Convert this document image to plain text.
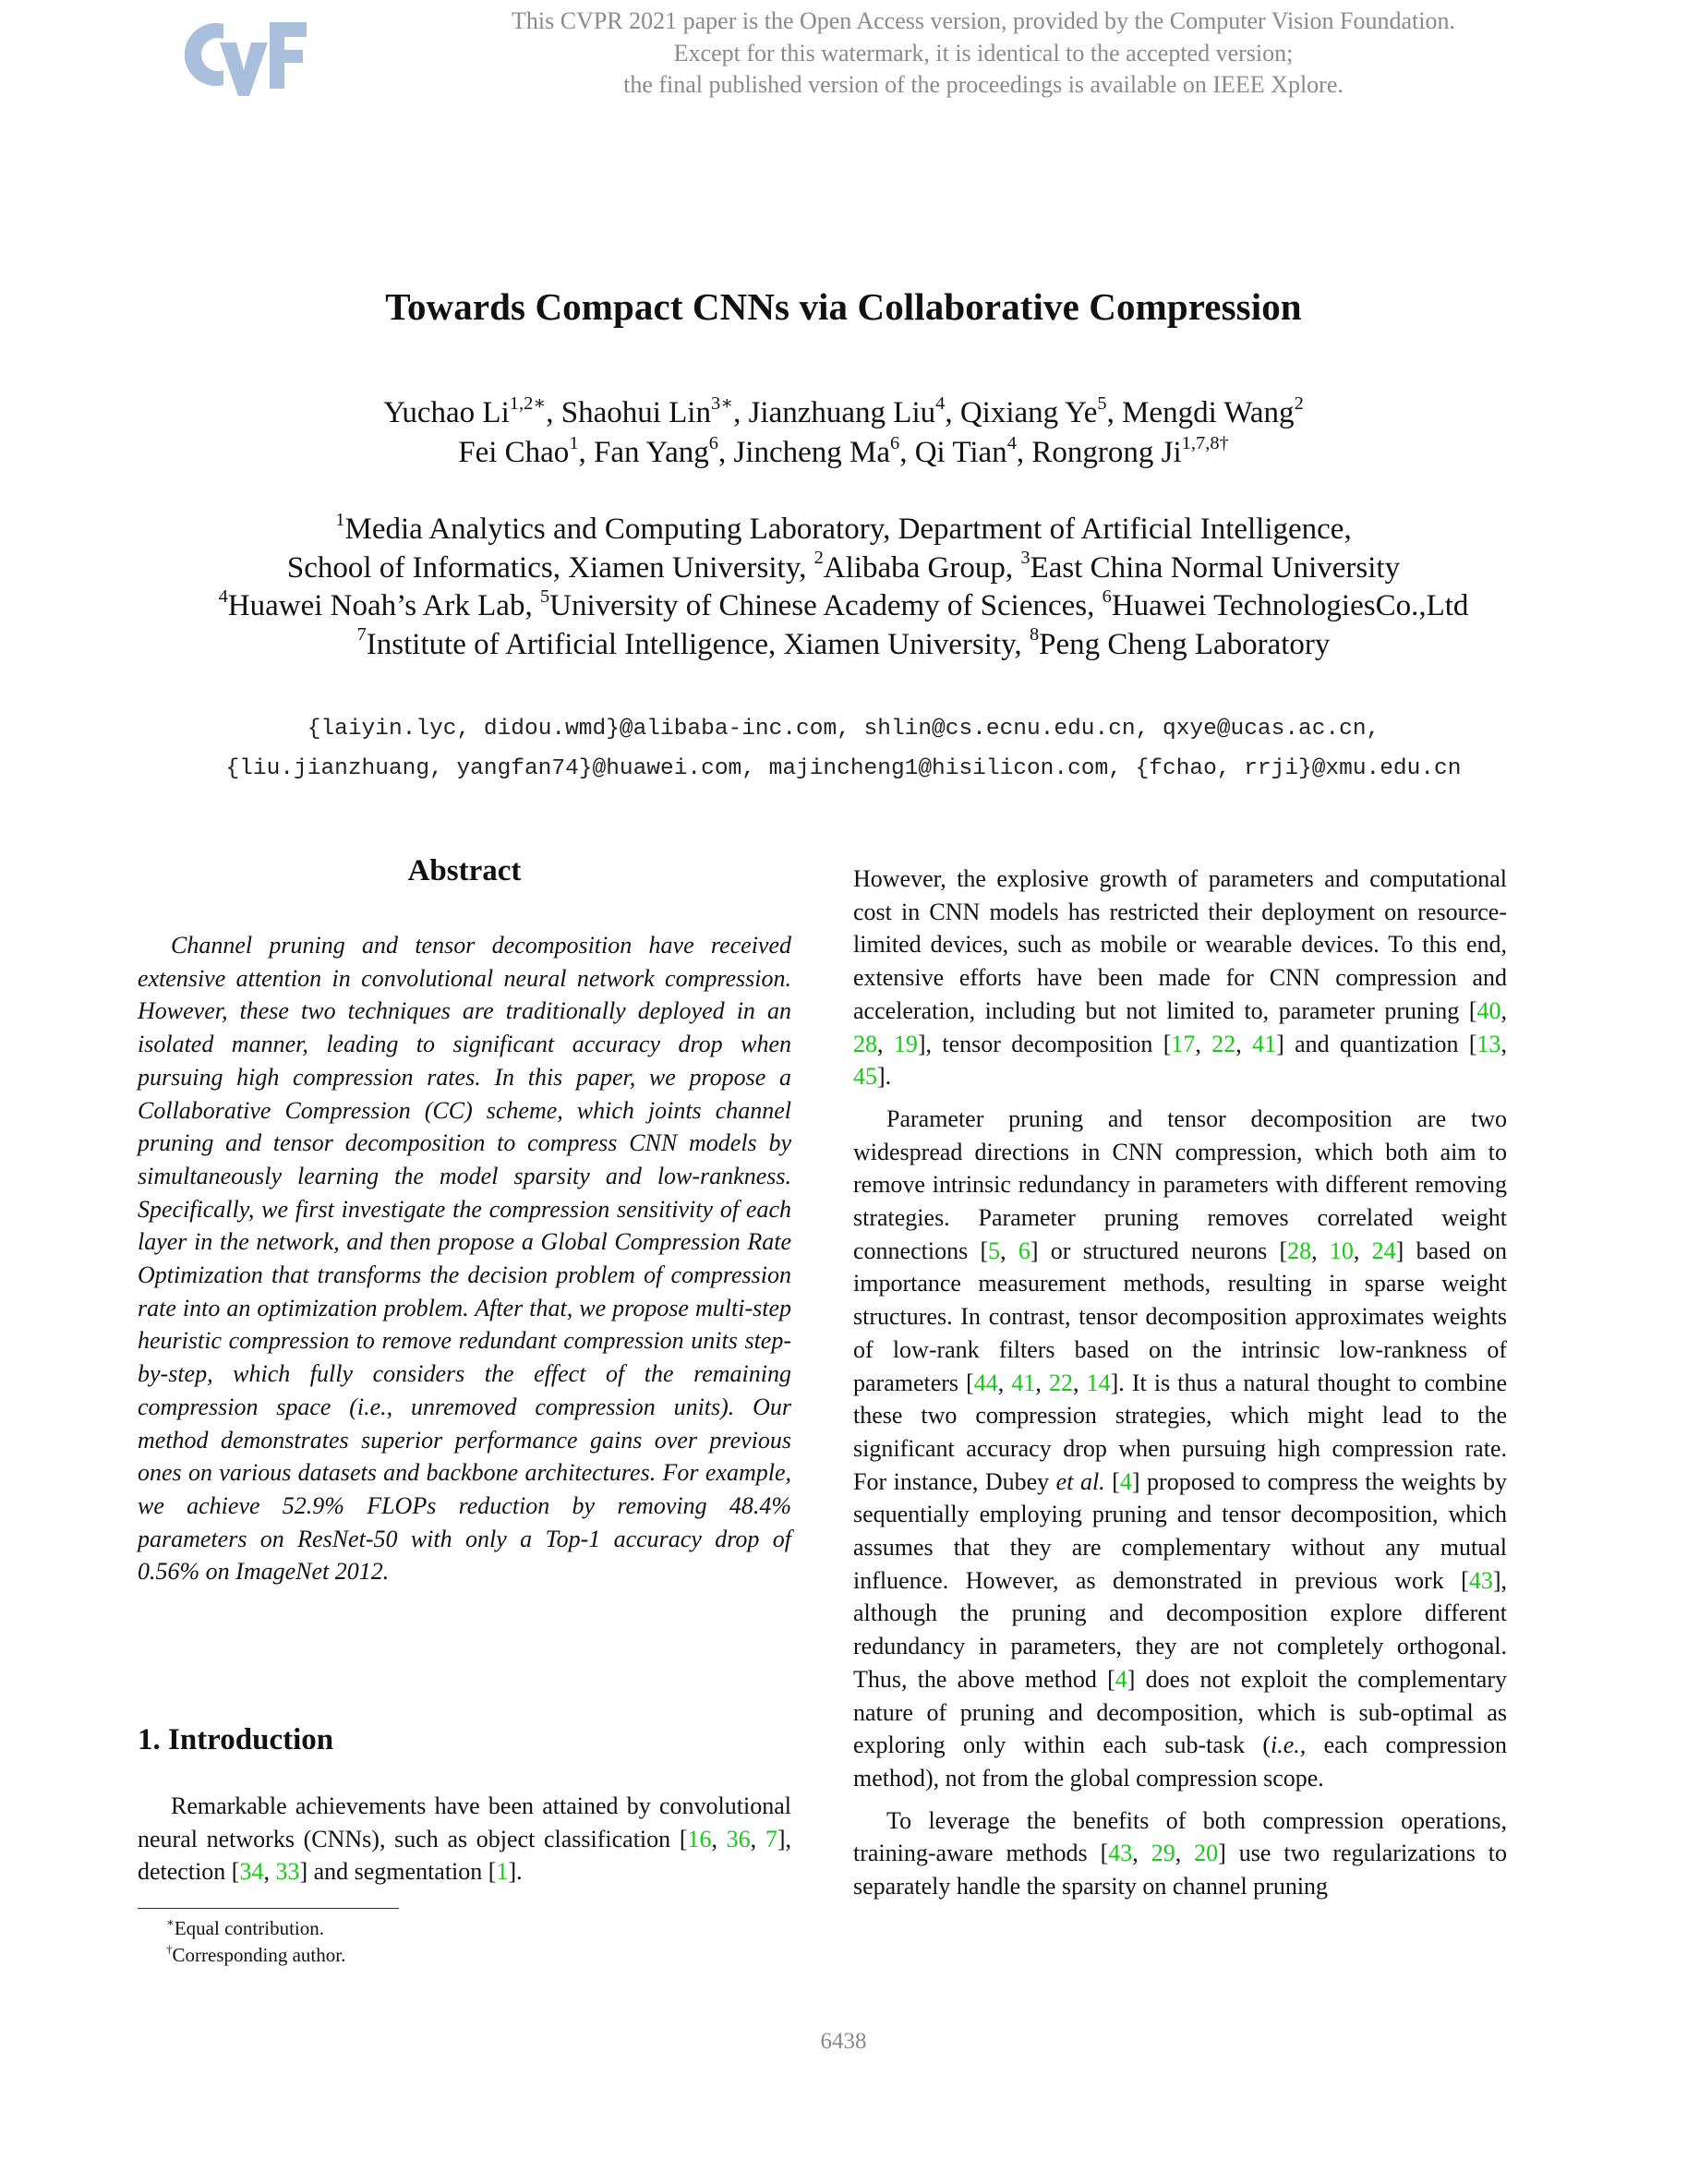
This CVPR 2021 paper is the Open Access version, provided by the Computer Vision Foundation.
Except for this watermark, it is identical to the accepted version;
the final published version of the proceedings is available on IEEE Xplore.
Towards Compact CNNs via Collaborative Compression
Yuchao $Li^{1,2∗}$, Shaohui Lin$^{3∗}$, Jianzhuang Liu$^4$, Qixiang Ye$^5$, Mengdi Wang$^2$
Fei Chao$^1$, Fan Yang$^6$, Jincheng Ma$^6$, Qi Tian$^4$, Rongrong $Ji^{1,7,8\dagger}$
$^1$Media Analytics and Computing Laboratory, Department of Artificial Intelligence,
School of Informatics, Xiamen University, $^2$Alibaba Group, $^3$East China Normal University
$^4$Huawei Noah’s Ark Lab, $^5$University of Chinese Academy of Sciences, $^6$Huawei TechnologiesCo.,Ltd
$^7$Institute of Artificial Intelligence, Xiamen University, $^8$Peng Cheng Laboratory
{laiyin.lyc, didou.wmd}@alibaba-inc.com, shlin@cs.ecnu.edu.cn, qxye@ucas.ac.cn,
{liu.jianzhuang, yangfan74}@huawei.com, majincheng1@hisilicon.com, {fchao, rrji}@xmu.edu.cn
Abstract

Channel pruning and tensor decomposition have received extensive attention in convolutional neural network compression. However, these two techniques are traditionally deployed in an isolated manner, leading to significant accuracy drop when pursuing high compression rates. In this paper, we propose a Collaborative Compression (CC) scheme, which joints channel pruning and tensor decomposition to compress CNN models by simultaneously learning the model sparsity and low-rankness. Specifically, we first investigate the compression sensitivity of each layer in the network, and then propose a Global Compression Rate Optimization that transforms the decision problem of compression rate into an optimization problem. After that, we propose multi-step heuristic compression to remove redundant compression units step-by-step, which fully considers the effect of the remaining compression space (i.e., unremoved compression units). Our method demonstrates superior performance gains over previous ones on various datasets and backbone architectures. For example, we achieve 52.9% FLOPs reduction by removing 48.4% parameters on ResNet-50 with only a Top-1 accuracy drop of 0.56% on ImageNet 2012.

1. Introduction

Remarkable achievements have been attained by convolutional neural networks (CNNs), such as object classification [16, 36, 7], detection [34, 33] and segmentation [1].

∗Equal contribution.
†Corresponding author.

However, the explosive growth of parameters and computational cost in CNN models has restricted their deployment on resource-limited devices, such as mobile or wearable devices. To this end, extensive efforts have been made for CNN compression and acceleration, including but not limited to, parameter pruning [40, 28, 19], tensor decomposition [17, 22, 41] and quantization [13, 45].

Parameter pruning and tensor decomposition are two widespread directions in CNN compression, which both aim to remove intrinsic redundancy in parameters with different removing strategies. Parameter pruning removes correlated weight connections [5, 6] or structured neurons [28, 10, 24] based on importance measurement methods, resulting in sparse weight structures. In contrast, tensor decomposition approximates weights of low-rank filters based on the intrinsic low-rankness of parameters [44, 41, 22, 14]. It is thus a natural thought to combine these two compression strategies, which might lead to the significant accuracy drop when pursuing high compression rate. For instance, Dubey et al. [4] proposed to compress the weights by sequentially employing pruning and tensor decomposition, which assumes that they are complementary without any mutual influence. However, as demonstrated in previous work [43], although the pruning and decomposition explore different redundancy in parameters, they are not completely orthogonal. Thus, the above method [4] does not exploit the complementary nature of pruning and decomposition, which is sub-optimal as exploring only within each sub-task (i.e., each compression method), not from the global compression scope.

To leverage the benefits of both compression operations, training-aware methods [43, 29, 20] use two regularizations to separately handle the sparsity on channel pruning

6438
